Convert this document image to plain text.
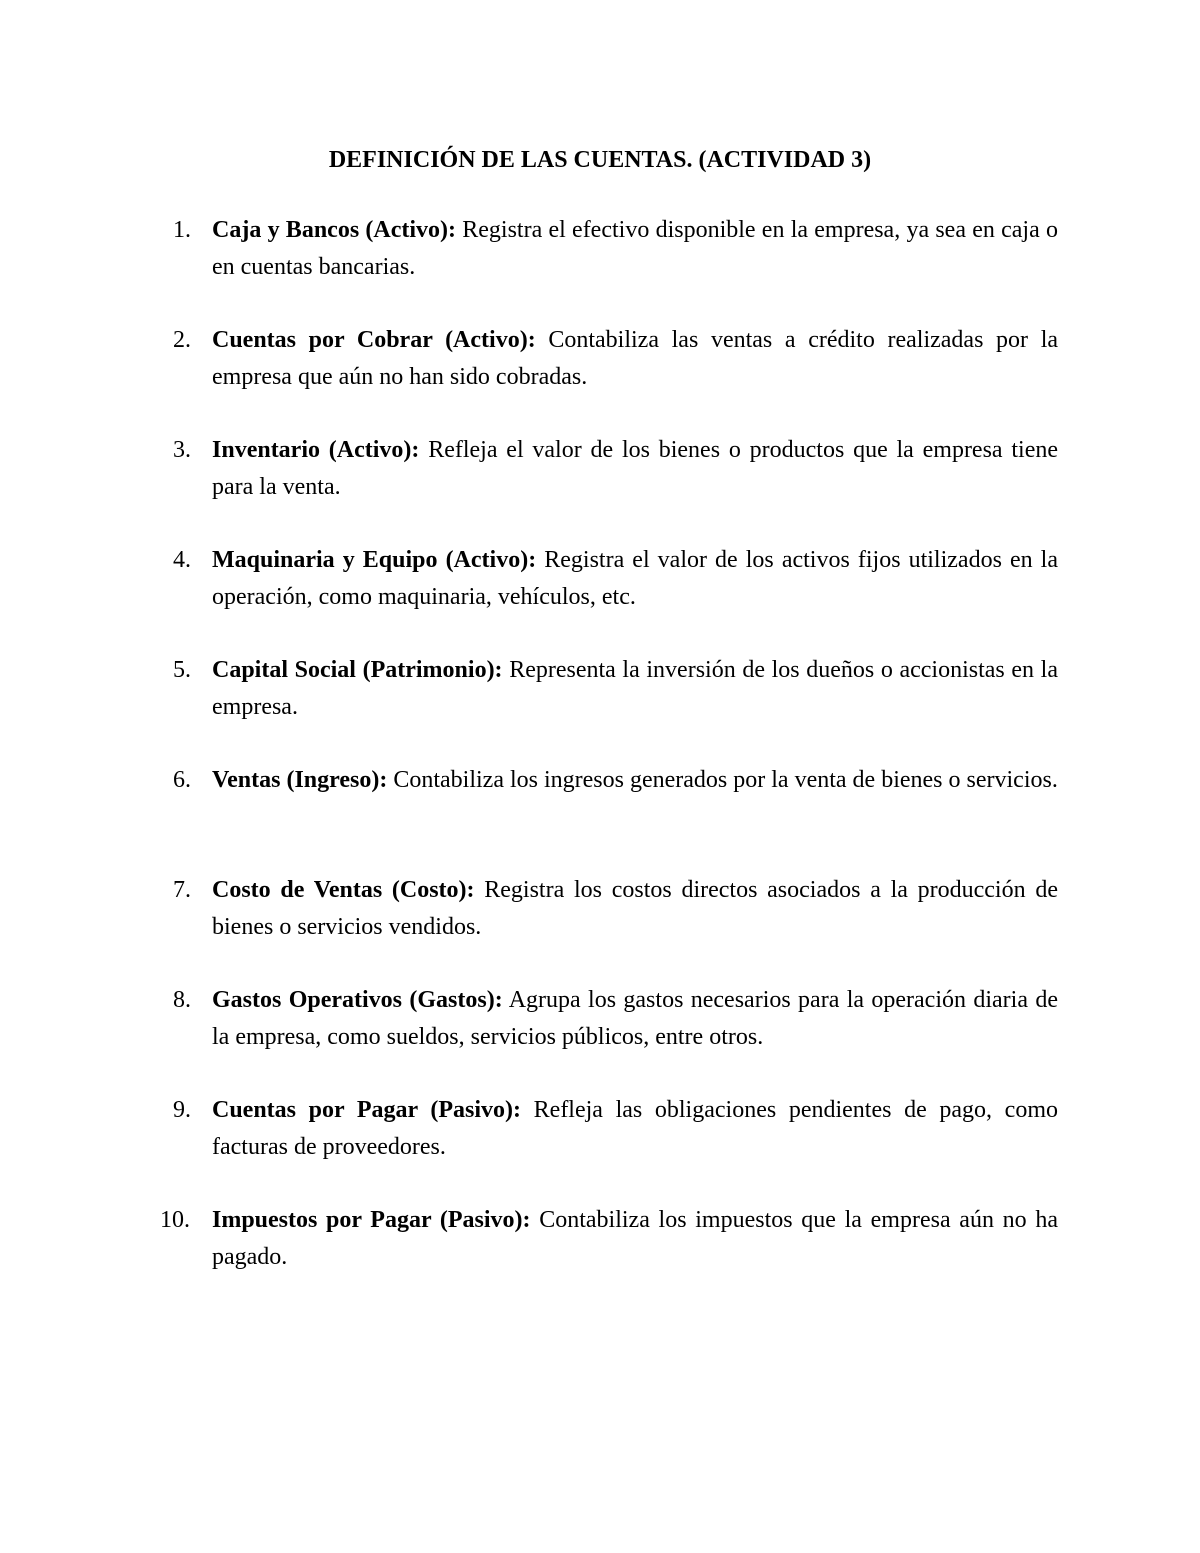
DEFINICIÓN DE LAS CUENTAS. (ACTIVIDAD 3)
1. Caja y Bancos (Activo): Registra el efectivo disponible en la empresa, ya sea en caja o en cuentas bancarias.
2. Cuentas por Cobrar (Activo): Contabiliza las ventas a crédito realizadas por la empresa que aún no han sido cobradas.
3. Inventario (Activo): Refleja el valor de los bienes o productos que la empresa tiene para la venta.
4. Maquinaria y Equipo (Activo): Registra el valor de los activos fijos utilizados en la operación, como maquinaria, vehículos, etc.
5. Capital Social (Patrimonio): Representa la inversión de los dueños o accionistas en la empresa.
6. Ventas (Ingreso): Contabiliza los ingresos generados por la venta de bienes o servicios.
7. Costo de Ventas (Costo): Registra los costos directos asociados a la producción de bienes o servicios vendidos.
8. Gastos Operativos (Gastos): Agrupa los gastos necesarios para la operación diaria de la empresa, como sueldos, servicios públicos, entre otros.
9. Cuentas por Pagar (Pasivo): Refleja las obligaciones pendientes de pago, como facturas de proveedores.
10. Impuestos por Pagar (Pasivo): Contabiliza los impuestos que la empresa aún no ha pagado.
